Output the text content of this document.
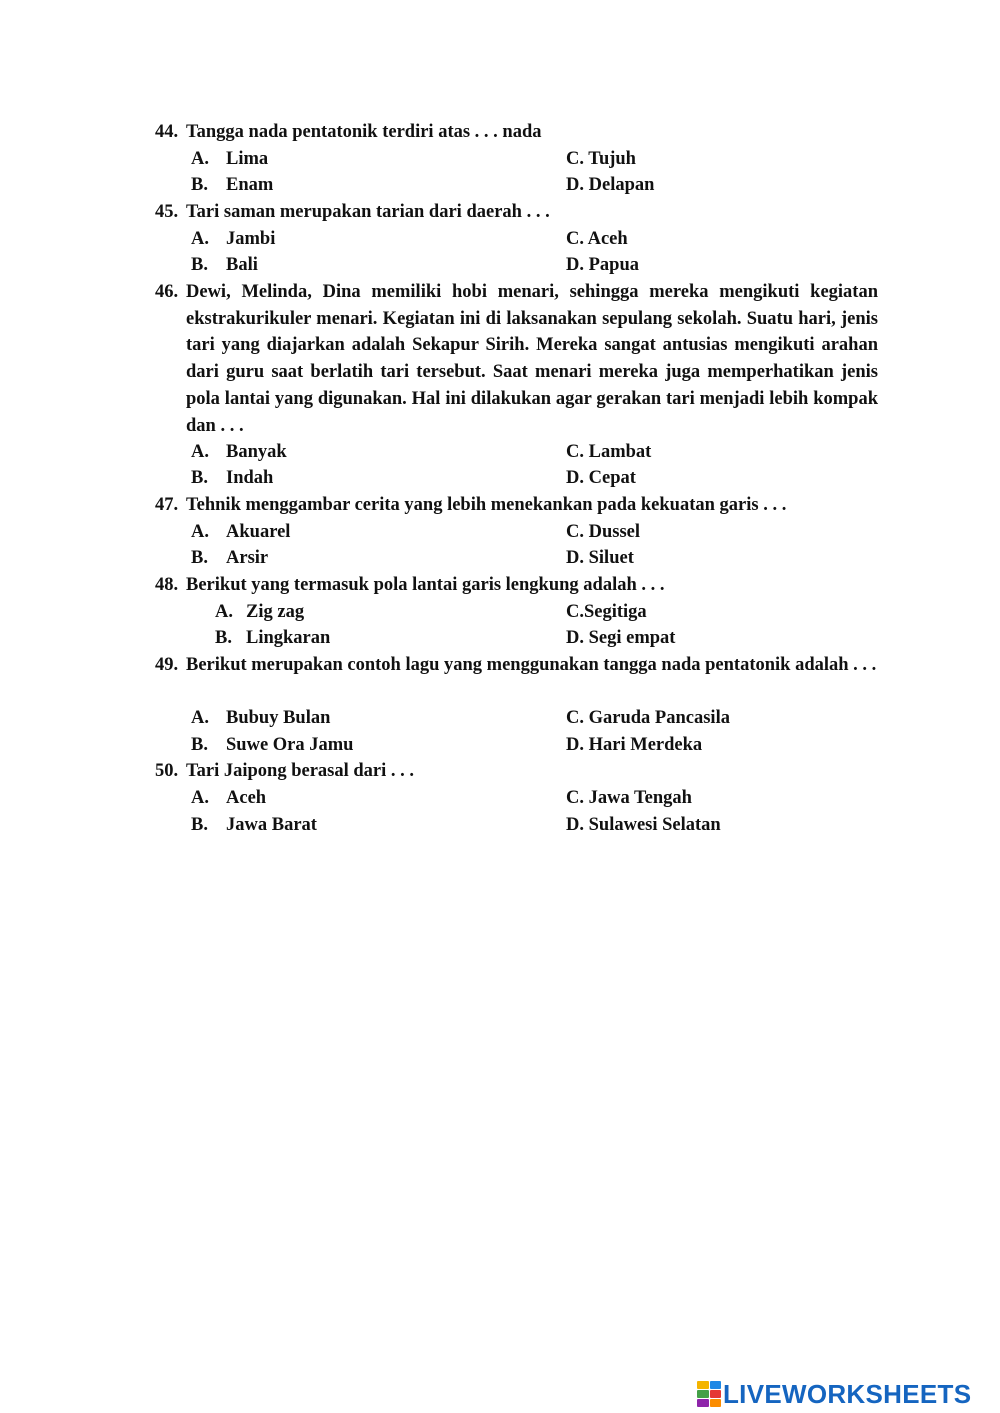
44. Tangga nada pentatonik terdiri atas . . . nada
A. Lima
B. Enam
C. Tujuh
D. Delapan
45. Tari saman merupakan tarian dari daerah . . .
A. Jambi
B. Bali
C. Aceh
D. Papua
46. Dewi, Melinda, Dina memiliki hobi menari, sehingga mereka mengikuti kegiatan ekstrakurikuler menari. Kegiatan ini di laksanakan sepulang sekolah. Suatu hari, jenis tari yang diajarkan adalah Sekapur Sirih. Mereka sangat antusias mengikuti arahan dari guru saat berlatih tari tersebut. Saat menari mereka juga memperhatikan jenis pola lantai yang digunakan. Hal ini dilakukan agar gerakan tari menjadi lebih kompak dan . . .
A. Banyak
B. Indah
C. Lambat
D. Cepat
47. Tehnik menggambar cerita yang lebih menekankan pada kekuatan garis . . .
A. Akuarel
B. Arsir
C. Dussel
D. Siluet
48. Berikut yang termasuk pola lantai garis lengkung adalah . . .
A. Zig zag
B. Lingkaran
C.Segitiga
D. Segi empat
49. Berikut merupakan contoh lagu yang menggunakan tangga nada pentatonik adalah . . .
A. Bubuy Bulan
B. Suwe Ora Jamu
C. Garuda Pancasila
D. Hari Merdeka
50. Tari Jaipong berasal dari . . .
A. Aceh
B. Jawa Barat
C. Jawa Tengah
D. Sulawesi Selatan
LIVEWORKSHEETS
